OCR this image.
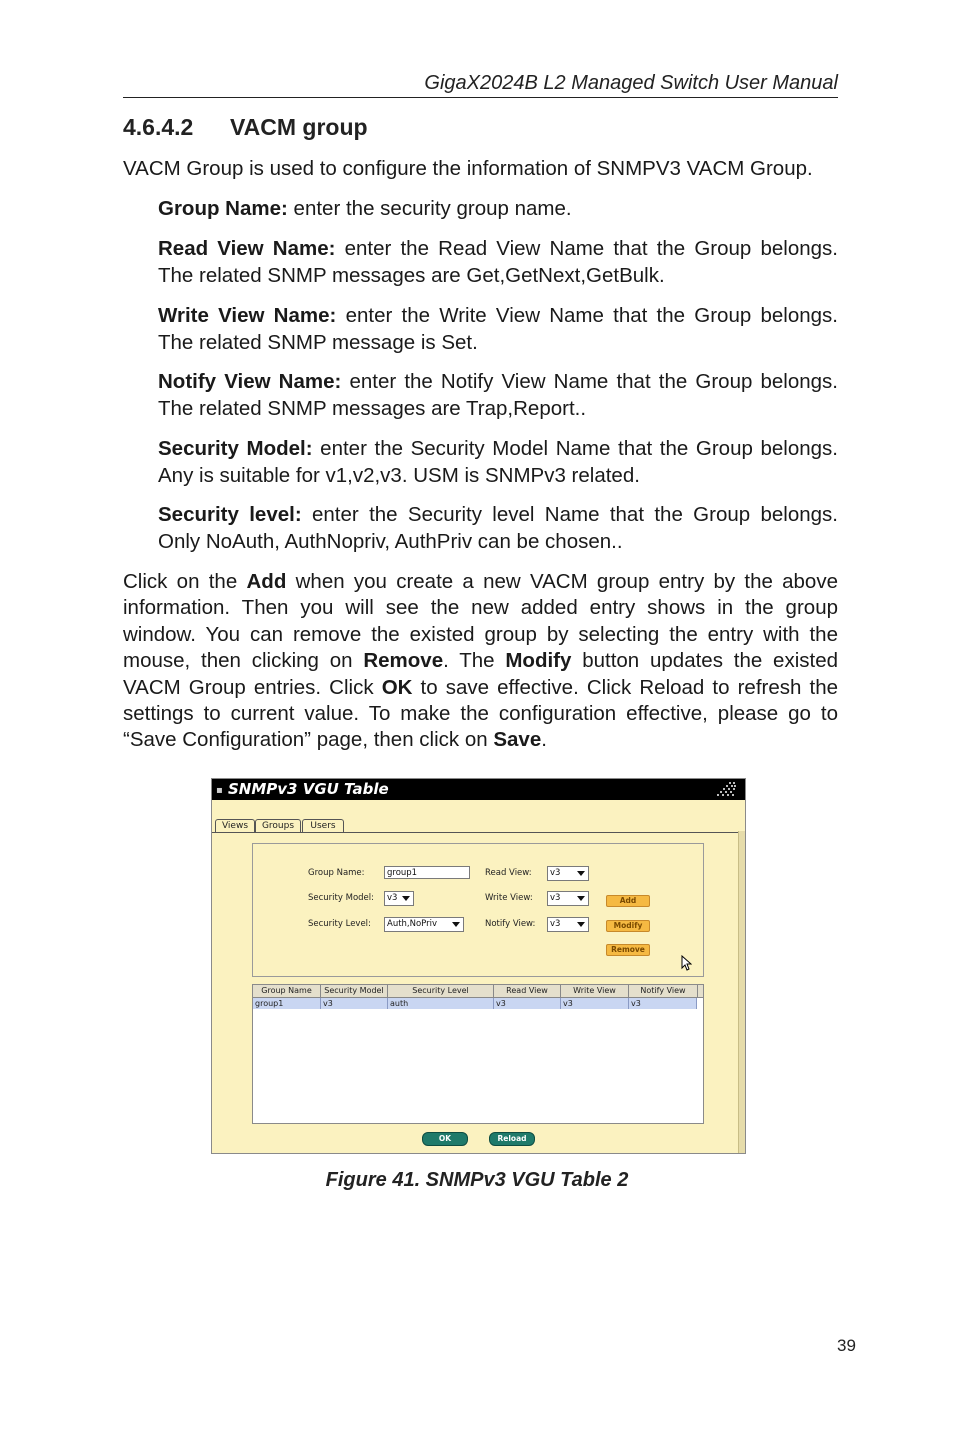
GigaX2024B L2 Managed Switch User Manual
4.6.4.2 VACM group
VACM Group is used to configure the information of SNMPV3 VACM Group.
Group Name: enter the security group name.
Read View Name: enter the Read View Name that the Group belongs. The related SNMP messages are Get,GetNext,GetBulk.
Write View Name: enter the Write View Name that the Group belongs. The related SNMP message is Set.
Notify View Name: enter the Notify View Name that the Group belongs. The related SNMP messages are Trap,Report..
Security Model: enter the Security Model Name that the Group belongs. Any is suitable for v1,v2,v3. USM is SNMPv3 related.
Security level: enter the Security level Name that the Group belongs. Only NoAuth, AuthNopriv, AuthPriv can be chosen..
Click on the Add when you create a new VACM group entry by the above information. Then you will see the new added entry shows in the group window. You can remove the existed group by selecting the entry with the mouse, then clicking on Remove. The Modify button updates the existed VACM Group entries. Click OK to save effective. Click Reload to refresh the settings to current value. To make the configuration effective, please go to “Save Configuration” page, then click on Save.
▪ SNMPv3 VGU Table
Views	Groups	Users
Group Name:	group1
Security Model:	v3
Security Level:	Auth,NoPriv
Read View:	v3
Write View:	v3
Notify View:	v3
Add
Modify
Remove
Group Name	Security Model	Security Level	Read View	Write View	Notify View
group1	v3	auth	v3	v3	v3
OK	Reload
Figure 41. SNMPv3 VGU Table 2
39
